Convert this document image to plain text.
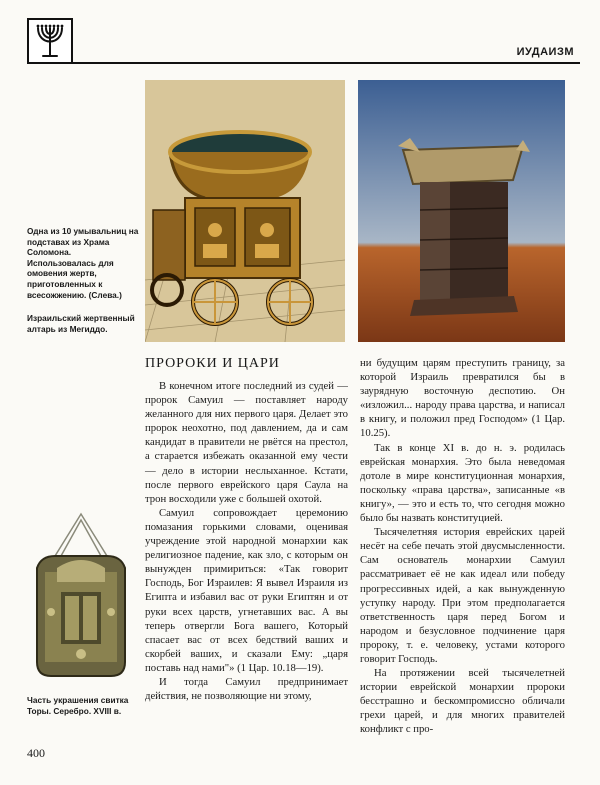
ИУДАИЗМ

Одна из 10 умывальниц на подставах из Храма Соломона. Использовалась для омовения жертв, приготовленных к всесожжению. (Слева.)

Израильский жертвенный алтарь из Мегиддо.

Часть украшения свитка Торы. Серебро. XVIII в.

ПРОРОКИ И ЦАРИ

В конечном итоге последний из судей — пророк Самуил — поставляет народу желанного для них первого царя. Делает это пророк неохотно, под давлением, да и сам кандидат в правители не рвётся на престол, а старается избежать оказанной ему чести — дело в истории неслыханное. Кстати, после первого еврейского царя Саула на трон восходили уже с большей охотой.

Самуил сопровождает церемонию помазания горькими словами, оценивая учреждение этой народной монархии как религиозное падение, как зло, с которым он вынужден примириться: «Так говорит Господь, Бог Израилев: Я вывел Израиля из Египта и избавил вас от руки Египтян и от руки всех царств, угнетавших вас. А вы теперь отвергли Бога вашего, Который спасает вас от всех бедствий ваших и скорбей ваших, и сказали Ему: „царя поставь над нами"» (1 Цар. 10.18—19).

И тогда Самуил предпринимает действия, не позволяющие ни этому,

ни будущим царям преступить границу, за которой Израиль превратился бы в заурядную восточную деспотию. Он «изложил... народу права царства, и написал в книгу, и положил пред Господом» (1 Цар. 10.25).

Так в конце XI в. до н. э. родилась еврейская монархия. Это была неведомая дотоле в мире конституционная монархия, поскольку «права царства», записанные «в книгу», — это и есть то, что сегодня можно было бы назвать конституцией.

Тысячелетняя история еврейских царей несёт на себе печать этой двусмысленности. Сам основатель монархии Самуил рассматривает её не как идеал или победу прогрессивных идей, а как вынужденную уступку народу. При этом предполагается ответственность царя перед Богом и народом и безусловное подчинение царя пророку, т. е. человеку, устами которого говорит Господь.

На протяжении всей тысячелетней истории еврейской монархии пророки бесстрашно и бескомпромиссно обличали грехи царей, и для многих правителей конфликт с про-

400
